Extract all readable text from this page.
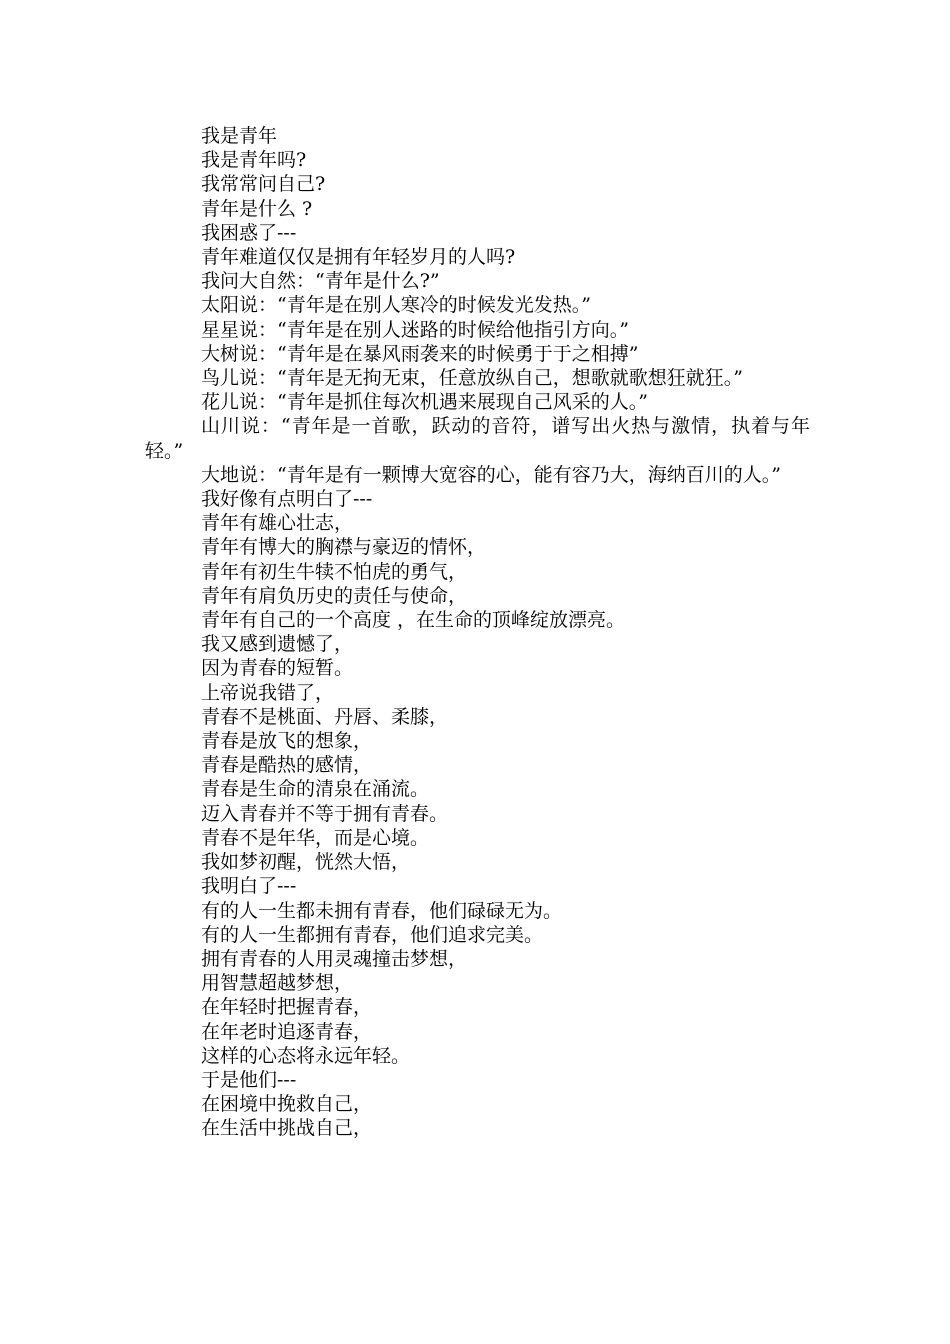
我是青年

我是青年吗?

我常常问自己?

青年是什么 ?

我困惑了---

青年难道仅仅是拥有年轻岁月的人吗?

我问大自然：“青年是什么?”

太阳说：“青年是在别人寒冷的时候发光发热。”

星星说：“青年是在别人迷路的时候给他指引方向。”

大树说：“青年是在暴风雨袭来的时候勇于于之相搏”

鸟儿说：“青年是无拘无束，任意放纵自己，想歌就歌想狂就狂。”

花儿说：“青年是抓住每次机遇来展现自己风采的人。”

山川说：“青年是一首歌，跃动的音符，谱写出火热与激情，执着与年轻。”

大地说：“青年是有一颗博大宽容的心，能有容乃大，海纳百川的人。”

我好像有点明白了---

青年有雄心壮志，

青年有博大的胸襟与豪迈的情怀，

青年有初生牛犊不怕虎的勇气，

青年有肩负历史的责任与使命，

青年有自己的一个高度 ，在生命的顶峰绽放漂亮。

我又感到遗憾了，

因为青春的短暂。

上帝说我错了，

青春不是桃面、丹唇、柔膝，

青春是放飞的想象，

青春是酷热的感情，

青春是生命的清泉在涌流。

迈入青春并不等于拥有青春。

青春不是年华，而是心境。

我如梦初醒，恍然大悟，

我明白了---

有的人一生都未拥有青春，他们碌碌无为。

有的人一生都拥有青春，他们追求完美。

拥有青春的人用灵魂撞击梦想，

用智慧超越梦想，

在年轻时把握青春，

在年老时追逐青春，

这样的心态将永远年轻。

于是他们---

在困境中挽救自己，

在生活中挑战自己，
